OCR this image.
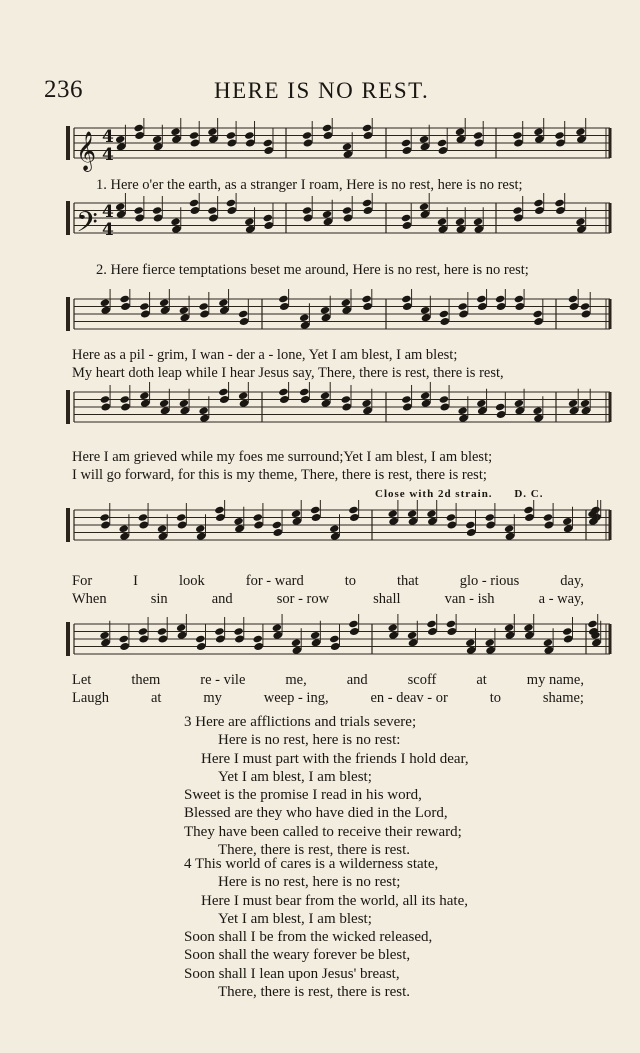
236	HERE IS NO REST.
𝄞 4
4
1. Here o'er the earth, as a stranger I roam, Here is no rest, here is no rest;
𝄢 4
4
2. Here fierce temptations beset me around, Here is no rest, here is no rest;
Here as a pil - grim, I wan - der a - lone, Yet I am blest, I am blest;
My heart doth leap while I hear Jesus say, There, there is rest, there is rest,
Here I am grieved while my foes me surround;Yet I am blest, I am blest;
I will go forward, for this is my theme, There, there is rest, there is rest;
Close with 2d strain. D. C.
For	I	look	for - ward	to	that	glo - rious	day,
When	sin	and	sor - row	shall	van - ish	a - way,
Let	them	re - vile	me,	and	scoff	at	my name,
Laugh	at	my	weep - ing,	en - deav - or	to	shame;
3 Here are afflictions and trials severe;
Here is no rest, here is no rest:
Here I must part with the friends I hold dear,
Yet I am blest, I am blest;
Sweet is the promise I read in his word,
Blessed are they who have died in the Lord,
They have been called to receive their reward;
There, there is rest, there is rest.
4 This world of cares is a wilderness state,
Here is no rest, here is no rest;
Here I must bear from the world, all its hate,
Yet I am blest, I am blest;
Soon shall I be from the wicked released,
Soon shall the weary forever be blest,
Soon shall I lean upon Jesus' breast,
There, there is rest, there is rest.
